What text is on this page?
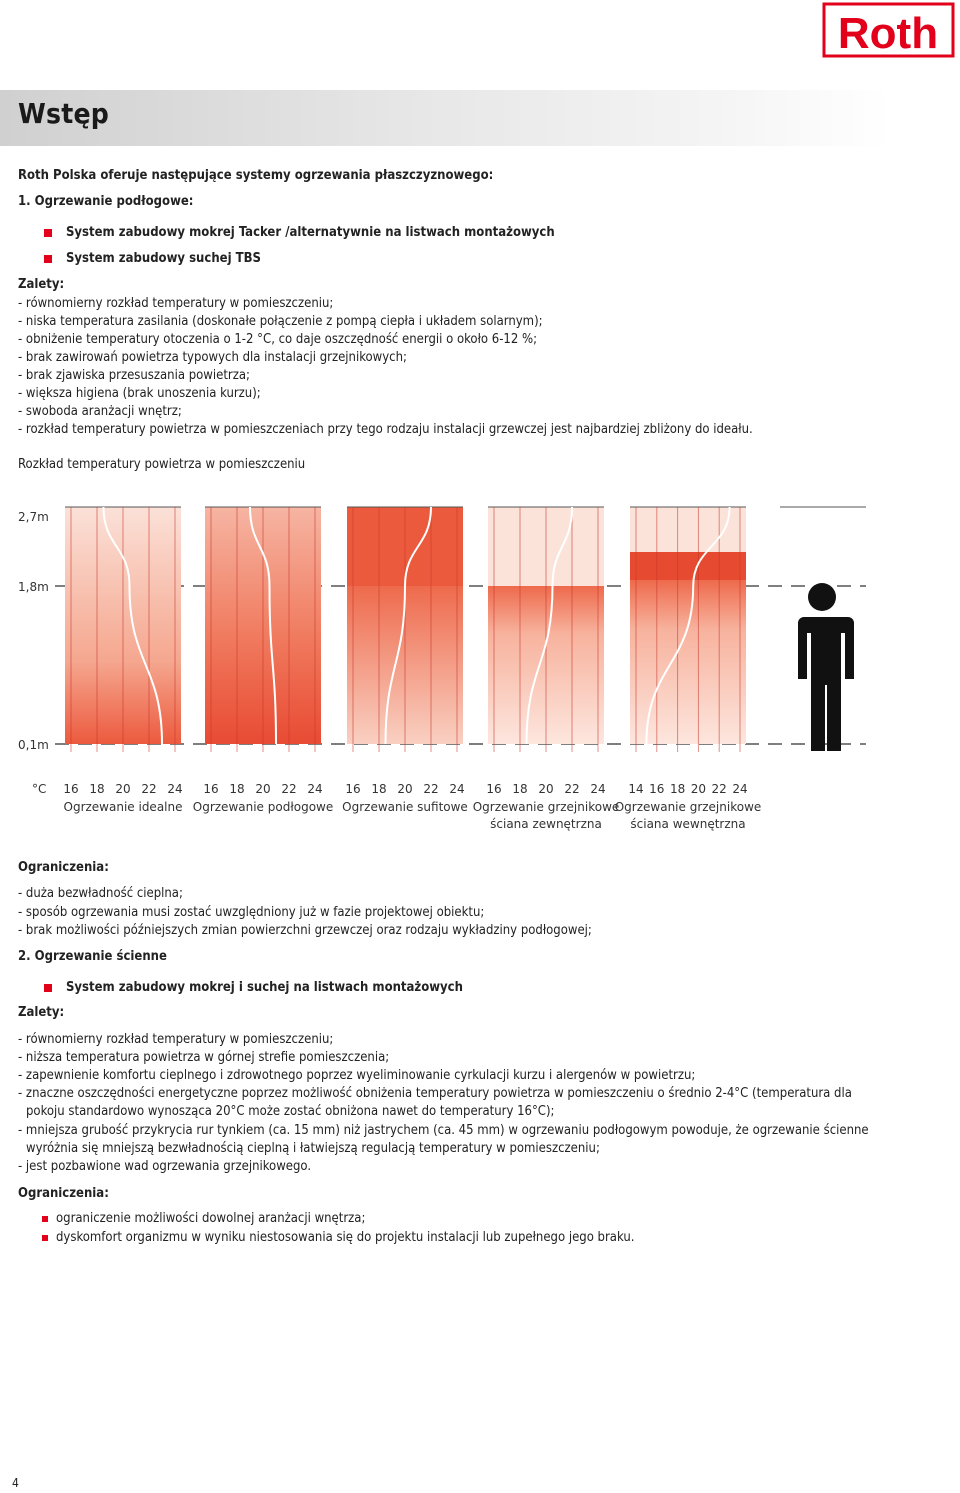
Roth
Wstęp
Roth Polska oferuje następujące systemy ogrzewania płaszczyznowego:
1. Ogrzewanie podłogowe:
System zabudowy mokrej Tacker /alternatywnie na listwach montażowych
System zabudowy suchej TBS
Zalety:
- równomierny rozkład temperatury w pomieszczeniu;
- niska temperatura zasilania (doskonałe połączenie z pompą ciepła i układem solarnym);
- obniżenie temperatury otoczenia o 1-2 °C, co daje oszczędność energii o około 6-12 %;
- brak zawirowań powietrza typowych dla instalacji grzejnikowych;
- brak zjawiska przesuszania powietrza;
- większa higiena (brak unoszenia kurzu);
- swoboda aranżacji wnętrz;
- rozkład temperatury powietrza w pomieszczeniach przy tego rodzaju instalacji grzewczej jest najbardziej zbliżony do ideału.
Rozkład temperatury powietrza w pomieszczeniu
16 18 20 22 24
Ogrzewanie idealne
16 18 20 22 24
Ogrzewanie podłogowe
16 18 20 22 24
Ogrzewanie sufitowe
16 18 20 22 24
Ogrzewanie grzejnikowe
ściana zewnętrzna
14 16 18 20 22 24
Ogrzewanie grzejnikowe
ściana wewnętrzna
2,7m
1,8m
0,1m
°C
Ograniczenia:
- duża bezwładność cieplna;
- sposób ogrzewania musi zostać uwzględniony już w fazie projektowej obiektu;
- brak możliwości późniejszych zmian powierzchni grzewczej oraz rodzaju wykładziny podłogowej;
2. Ogrzewanie ścienne
System zabudowy mokrej i suchej na listwach montażowych
Zalety:
- równomierny rozkład temperatury w pomieszczeniu;
- niższa temperatura powietrza w górnej strefie pomieszczenia;
- zapewnienie komfortu cieplnego i zdrowotnego poprzez wyeliminowanie cyrkulacji kurzu i alergenów w powietrzu;
- znaczne oszczędności energetyczne poprzez możliwość obniżenia temperatury powietrza w pomieszczeniu o średnio 2-4°C (temperatura dla
pokoju standardowo wynosząca 20°C może zostać obniżona nawet do temperatury 16°C);
- mniejsza grubość przykrycia rur tynkiem (ca. 15 mm) niż jastrychem (ca. 45 mm) w ogrzewaniu podłogowym powoduje, że ogrzewanie ścienne
wyróżnia się mniejszą bezwładnością cieplną i łatwiejszą regulacją temperatury w pomieszczeniu;
- jest pozbawione wad ogrzewania grzejnikowego.
Ograniczenia:
ograniczenie możliwości dowolnej aranżacji wnętrza;
dyskomfort organizmu w wyniku niestosowania się do projektu instalacji lub zupełnego jego braku.
4
